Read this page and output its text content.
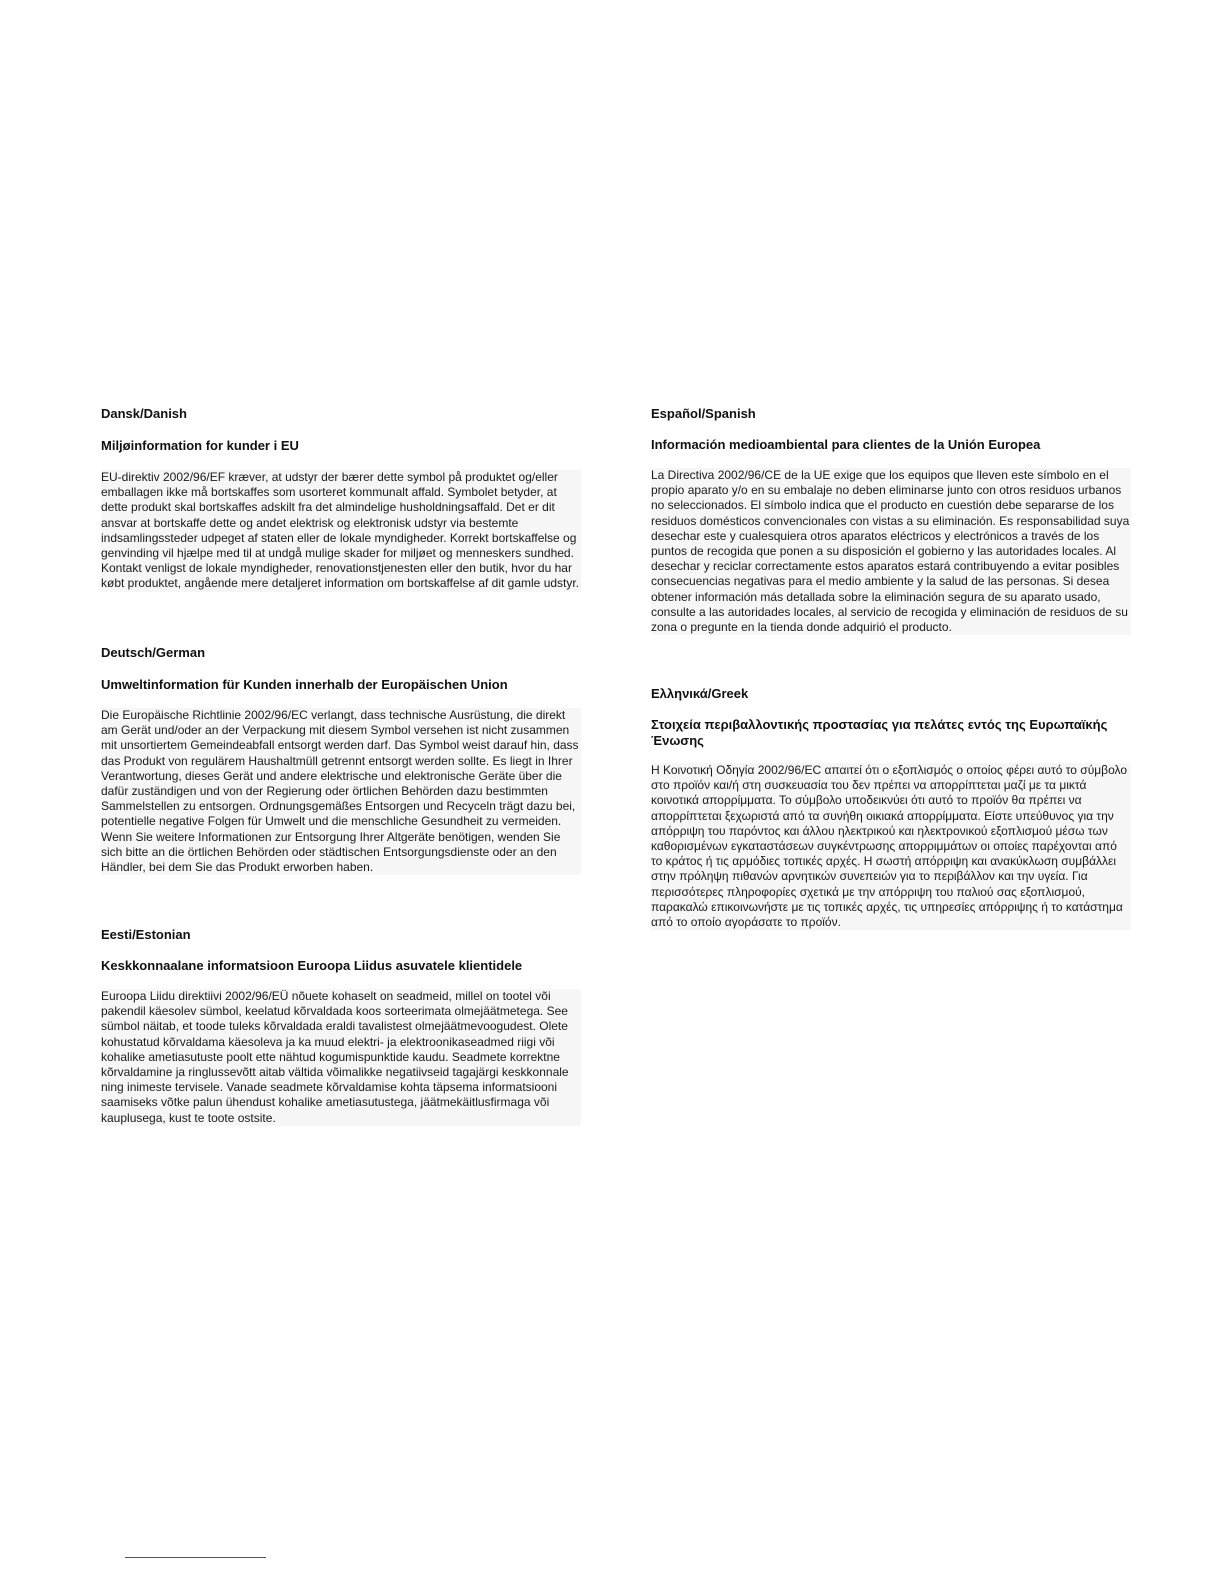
Dansk/Danish

Miljøinformation for kunder i EU

EU-direktiv 2002/96/EF kræver, at udstyr der bærer dette symbol på produktet og/eller emballagen ikke må bortskaffes som usorteret kommunalt affald. Symbolet betyder, at dette produkt skal bortskaffes adskilt fra det almindelige husholdningsaffald. Det er dit ansvar at bortskaffe dette og andet elektrisk og elektronisk udstyr via bestemte indsamlingssteder udpeget af staten eller de lokale myndigheder. Korrekt bortskaffelse og genvinding vil hjælpe med til at undgå mulige skader for miljøet og menneskers sundhed. Kontakt venligst de lokale myndigheder, renovationstjenesten eller den butik, hvor du har købt produktet, angående mere detaljeret information om bortskaffelse af dit gamle udstyr.

Deutsch/German

Umweltinformation für Kunden innerhalb der Europäischen Union

Die Europäische Richtlinie 2002/96/EC verlangt, dass technische Ausrüstung, die direkt am Gerät und/oder an der Verpackung mit diesem Symbol versehen ist nicht zusammen mit unsortiertem Gemeindeabfall entsorgt werden darf. Das Symbol weist darauf hin, dass das Produkt von regulärem Haushaltmüll getrennt entsorgt werden sollte. Es liegt in Ihrer Verantwortung, dieses Gerät und andere elektrische und elektronische Geräte über die dafür zuständigen und von der Regierung oder örtlichen Behörden dazu bestimmten Sammelstellen zu entsorgen. Ordnungsgemäßes Entsorgen und Recyceln trägt dazu bei, potentielle negative Folgen für Umwelt und die menschliche Gesundheit zu vermeiden. Wenn Sie weitere Informationen zur Entsorgung Ihrer Altgeräte benötigen, wenden Sie sich bitte an die örtlichen Behörden oder städtischen Entsorgungsdienste oder an den Händler, bei dem Sie das Produkt erworben haben.

Eesti/Estonian

Keskkonnaalane informatsioon Euroopa Liidus asuvatele klientidele

Euroopa Liidu direktiivi 2002/96/EÜ nõuete kohaselt on seadmeid, millel on tootel või pakendil käesolev sümbol, keelatud kõrvaldada koos sorteerimata olmejäätmetega. See sümbol näitab, et toode tuleks kõrvaldada eraldi tavalistest olmejäätmevoogudest. Olete kohustatud kõrvaldama käesoleva ja ka muud elektri- ja elektroonikaseadmed riigi või kohalike ametiasutuste poolt ette nähtud kogumispunktide kaudu. Seadmete korrektne kõrvaldamine ja ringlussevõtt aitab vältida võimalikke negatiivseid tagajärgi keskkonnale ning inimeste tervisele. Vanade seadmete kõrvaldamise kohta täpsema informatsiooni saamiseks võtke palun ühendust kohalike ametiasutustega, jäätmekäitlusfirmaga või kauplusega, kust te toote ostsite.

Español/Spanish

Información medioambiental para clientes de la Unión Europea

La Directiva 2002/96/CE de la UE exige que los equipos que lleven este símbolo en el propio aparato y/o en su embalaje no deben eliminarse junto con otros residuos urbanos no seleccionados. El símbolo indica que el producto en cuestión debe separarse de los residuos domésticos convencionales con vistas a su eliminación. Es responsabilidad suya desechar este y cualesquiera otros aparatos eléctricos y electrónicos a través de los puntos de recogida que ponen a su disposición el gobierno y las autoridades locales. Al desechar y reciclar correctamente estos aparatos estará contribuyendo a evitar posibles consecuencias negativas para el medio ambiente y la salud de las personas. Si desea obtener información más detallada sobre la eliminación segura de su aparato usado, consulte a las autoridades locales, al servicio de recogida y eliminación de residuos de su zona o pregunte en la tienda donde adquirió el producto.

Ελληνικά/Greek

Στοιχεία περιβαλλοντικής προστασίας για πελάτες εντός της Ευρωπαϊκής Ένωσης

Η Κοινοτική Οδηγία 2002/96/EC απαιτεί ότι ο εξοπλισμός ο οποίος φέρει αυτό το σύμβολο στο προϊόν και/ή στη συσκευασία του δεν πρέπει να απορρίπτεται μαζί με τα μικτά κοινοτικά απορρίμματα. Το σύμβολο υποδεικνύει ότι αυτό το προϊόν θα πρέπει να απορρίπτεται ξεχωριστά από τα συνήθη οικιακά απορρίμματα. Είστε υπεύθυνος για την απόρριψη του παρόντος και άλλου ηλεκτρικού και ηλεκτρονικού εξοπλισμού μέσω των καθορισμένων εγκαταστάσεων συγκέντρωσης απορριμμάτων οι οποίες παρέχονται από το κράτος ή τις αρμόδιες τοπικές αρχές. Η σωστή απόρριψη και ανακύκλωση συμβάλλει στην πρόληψη πιθανών αρνητικών συνεπειών για το περιβάλλον και την υγεία. Για περισσότερες πληροφορίες σχετικά με την απόρριψη του παλιού σας εξοπλισμού, παρακαλώ επικοινωνήστε με τις τοπικές αρχές, τις υπηρεσίες απόρριψης ή το κατάστημα από το οποίο αγοράσατε το προϊόν.
